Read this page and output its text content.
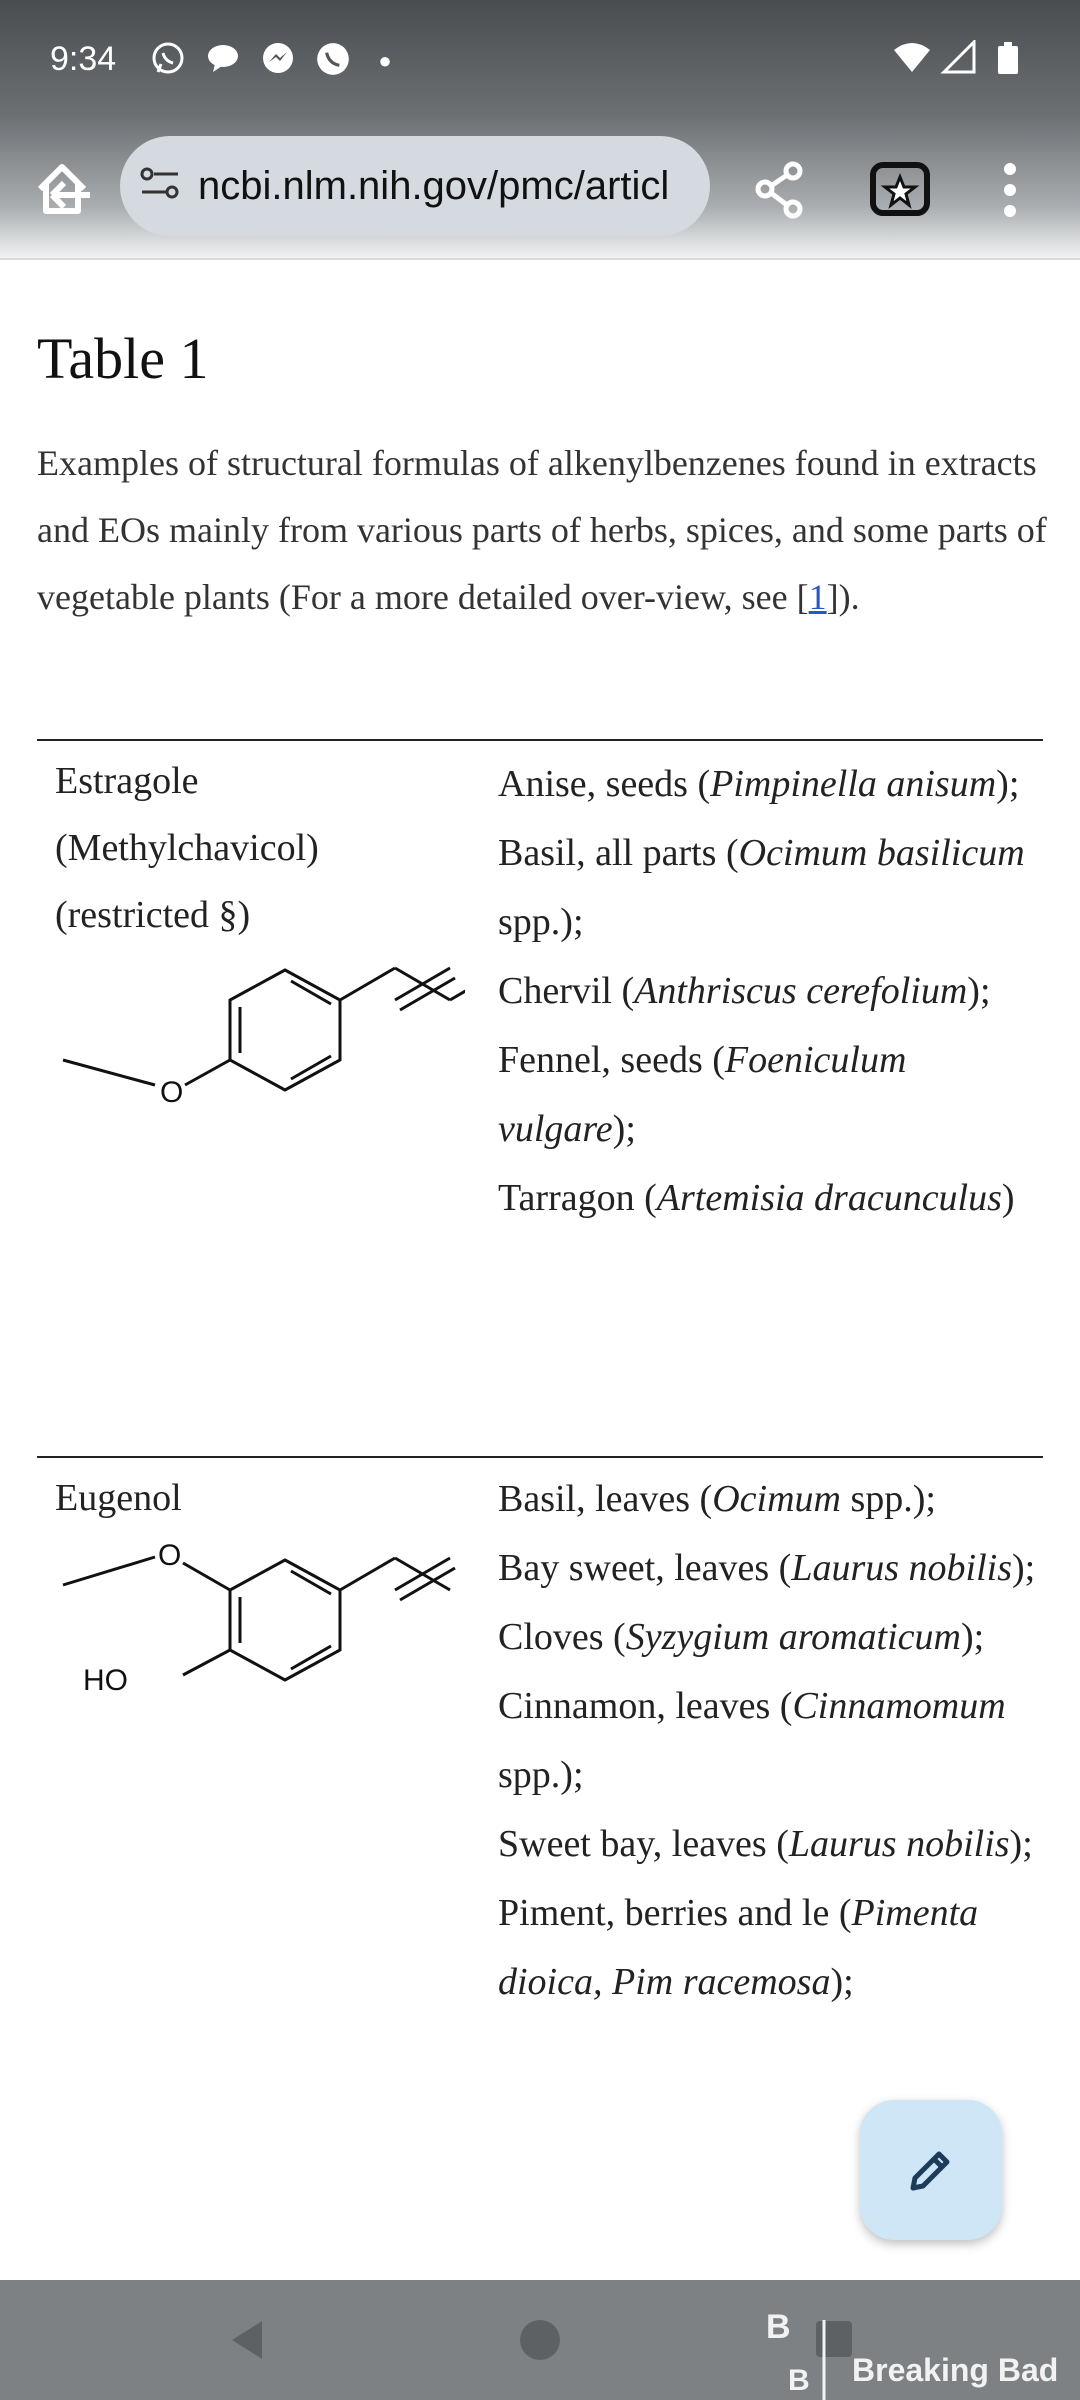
9:34	●
ncbi.nlm.nih.gov/pmc/articl
Table 1

Examples of structural formulas of alkenylbenzenes found in extracts and EOs mainly from various parts of herbs, spices, and some parts of vegetable plants (For a more detailed over-view, see [1]).

Estragole
(Methylchavicol)
(restricted §)
O
Anise, seeds (Pimpinella anisum);
Basil, all parts (Ocimum basilicum spp.);
Chervil (Anthriscus cerefolium);
Fennel, seeds (Foeniculum vulgare);
Tarragon (Artemisia dracunculus)
Eugenol
O
HO
Basil, leaves (Ocimum spp.);
Bay sweet, leaves (Laurus nobilis);
Cloves (Syzygium aromaticum);
Cinnamon, leaves (Cinnamomum spp.);
Sweet bay, leaves (Laurus nobilis);
Piment, berries and le (Pimenta dioica, Pim racemosa);
B
B Breaking Bad
